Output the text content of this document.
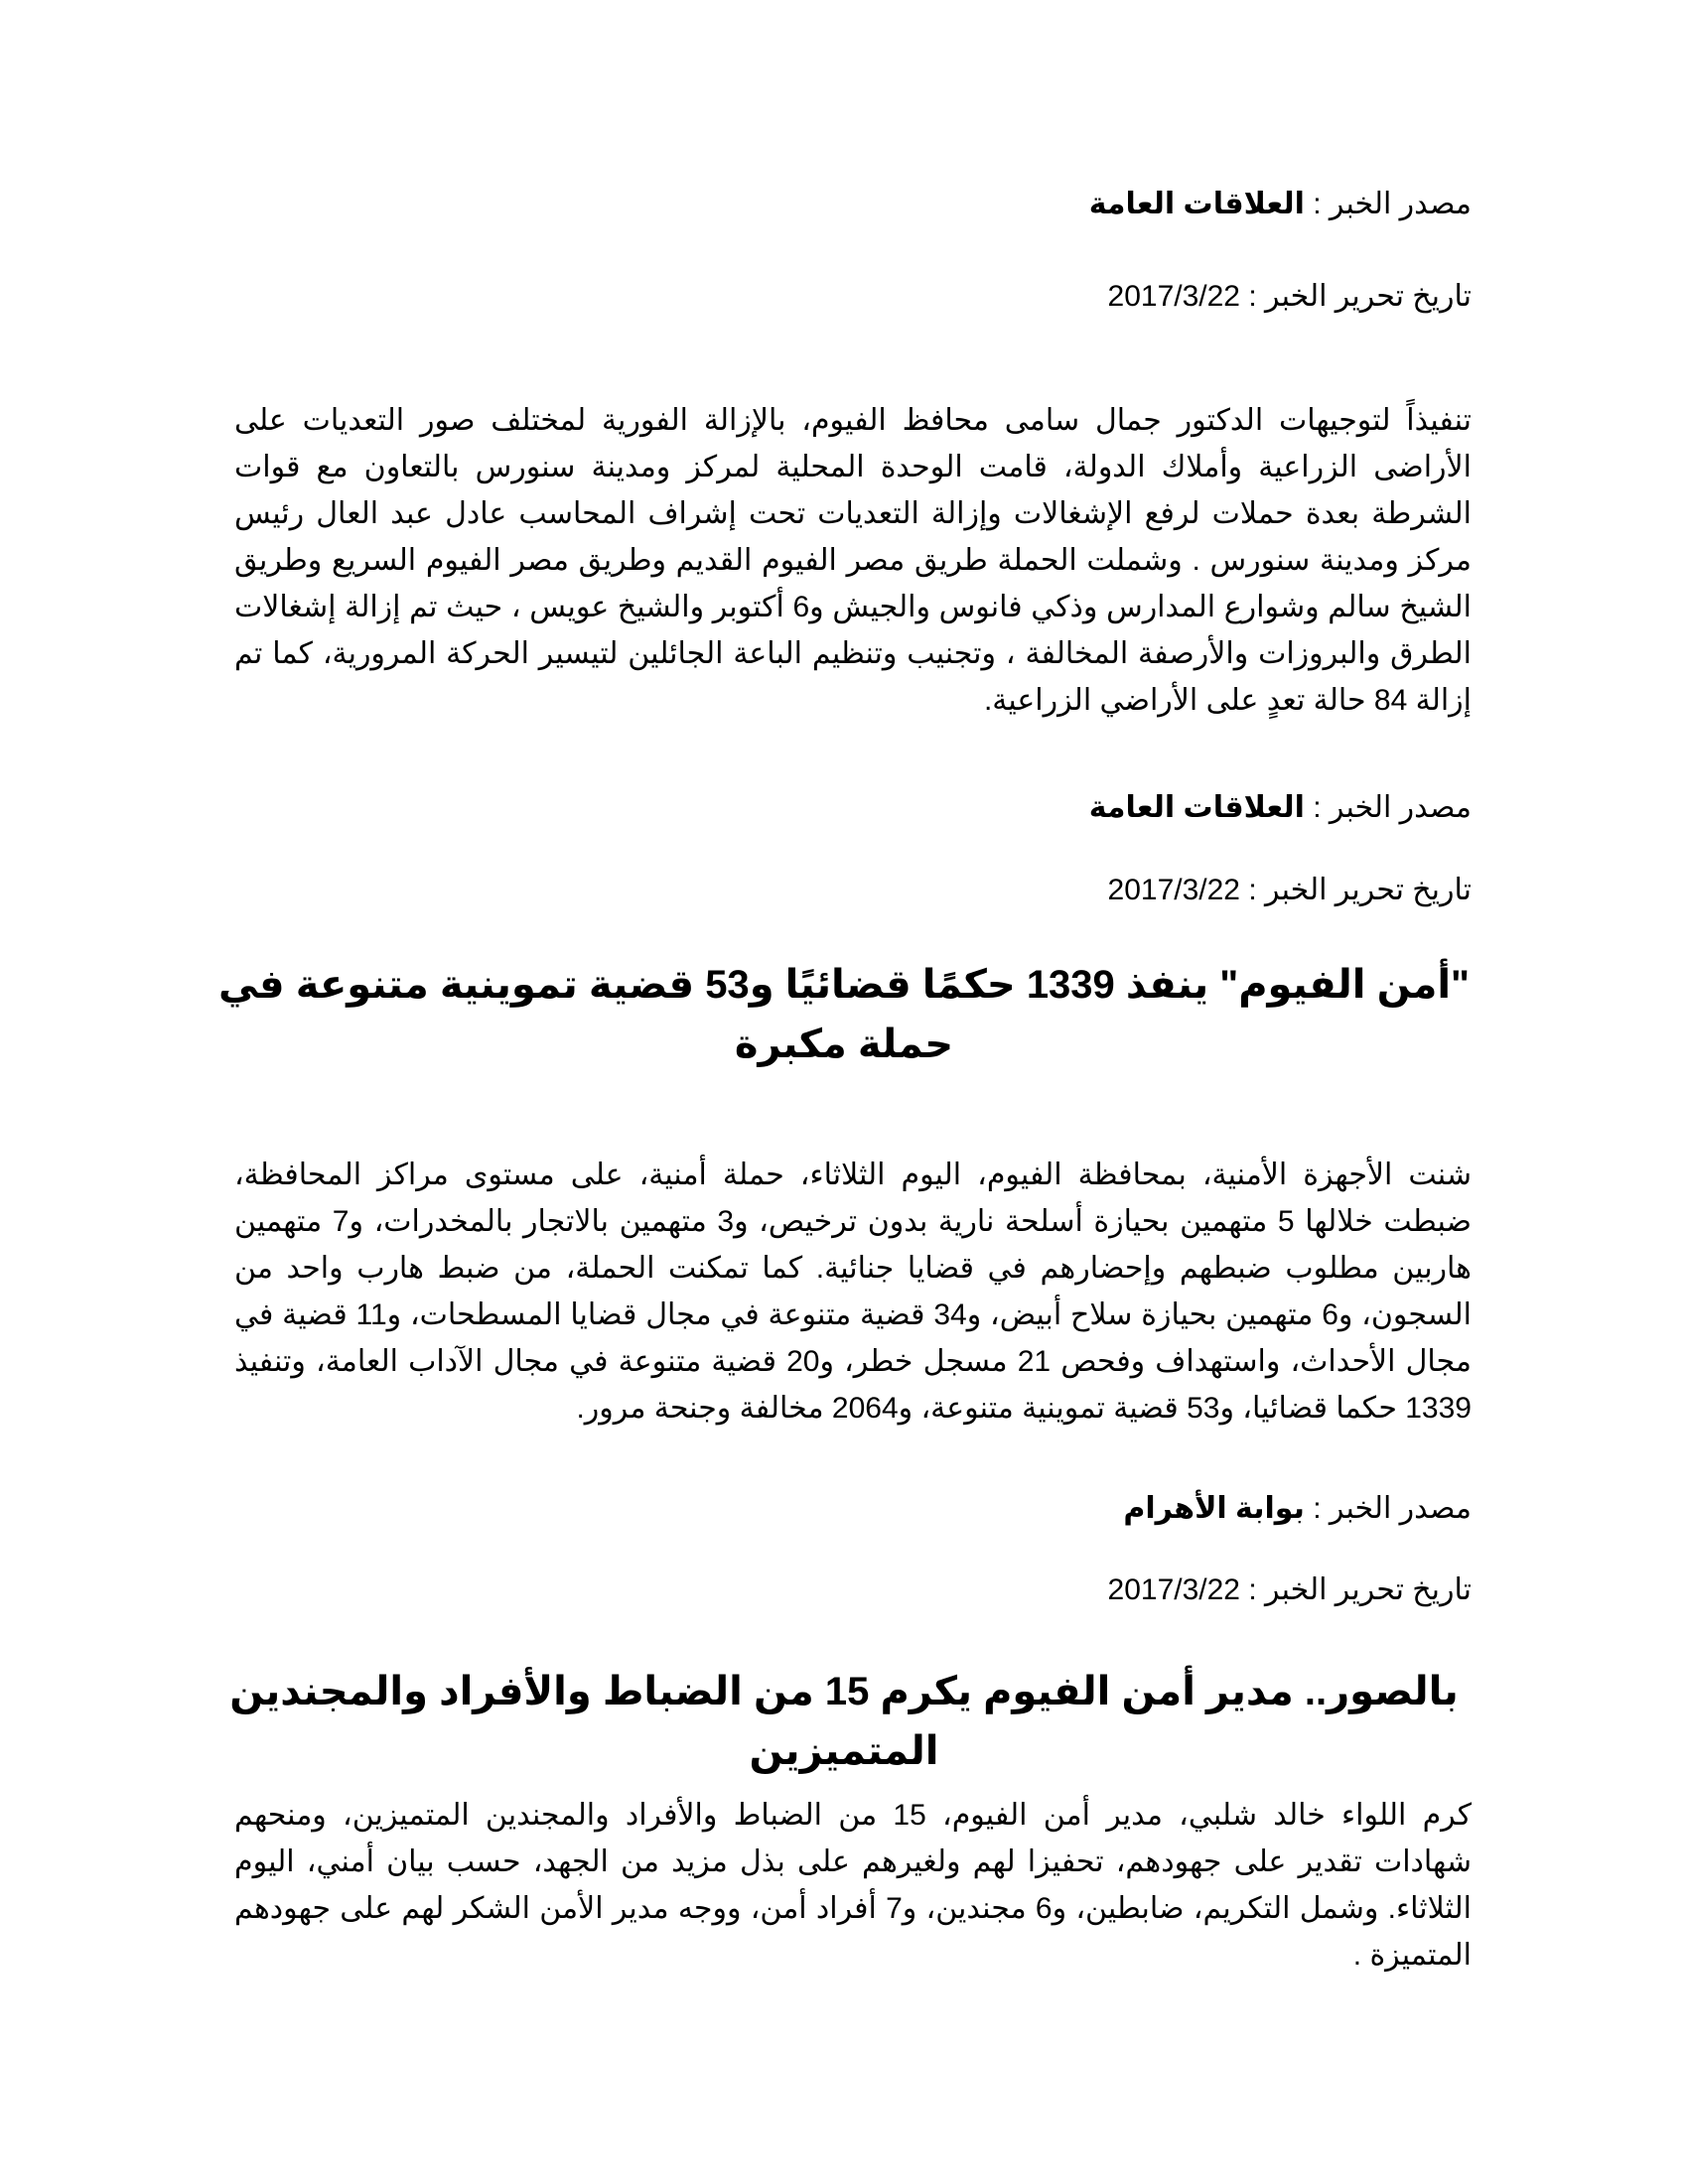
مصدر الخبر : العلاقات العامة
تاريخ تحرير الخبر : 2017/3/22
تنفيذاً لتوجيهات الدكتور جمال سامى محافظ الفيوم، بالإزالة الفورية لمختلف صور التعديات على الأراضى الزراعية وأملاك الدولة، قامت الوحدة المحلية لمركز ومدينة سنورس بالتعاون مع قوات الشرطة بعدة حملات لرفع الإشغالات وإزالة التعديات تحت إشراف المحاسب عادل عبد العال رئيس مركز ومدينة سنورس . وشملت الحملة طريق مصر الفيوم القديم وطريق مصر الفيوم السريع وطريق الشيخ سالم وشوارع المدارس وذكي فانوس والجيش و6 أكتوبر والشيخ عويس ، حيث تم إزالة إشغالات الطرق والبروزات والأرصفة المخالفة ، وتجنيب وتنظيم الباعة الجائلين لتيسير الحركة المرورية، كما تم إزالة 84 حالة تعدٍ على الأراضي الزراعية.
مصدر الخبر : العلاقات العامة
تاريخ تحرير الخبر : 2017/3/22
"أمن الفيوم" ينفذ 1339 حكمًا قضائيًا و53 قضية تموينية متنوعة في حملة مكبرة
شنت الأجهزة الأمنية، بمحافظة الفيوم، اليوم الثلاثاء، حملة أمنية، على مستوى مراكز المحافظة، ضبطت خلالها 5 متهمين بحيازة أسلحة نارية بدون ترخيص، و3 متهمين بالاتجار بالمخدرات، و7 متهمين هاربين مطلوب ضبطهم وإحضارهم في قضايا جنائية. كما تمكنت الحملة، من ضبط هارب واحد من السجون، و6 متهمين بحيازة سلاح أبيض، و34 قضية متنوعة في مجال قضايا المسطحات، و11 قضية في مجال الأحداث، واستهداف وفحص 21 مسجل خطر، و20 قضية متنوعة في مجال الآداب العامة، وتنفيذ 1339 حكما قضائيا، و53 قضية تموينية متنوعة، و2064 مخالفة وجنحة مرور.
مصدر الخبر : بوابة الأهرام
تاريخ تحرير الخبر : 2017/3/22
بالصور.. مدير أمن الفيوم يكرم 15 من الضباط والأفراد والمجندين المتميزين
كرم اللواء خالد شلبي، مدير أمن الفيوم، 15 من الضباط والأفراد والمجندين المتميزين، ومنحهم شهادات تقدير على جهودهم، تحفيزا لهم ولغيرهم على بذل مزيد من الجهد، حسب بيان أمني، اليوم الثلاثاء. وشمل التكريم، ضابطين، و6 مجندين، و7 أفراد أمن، ووجه مدير الأمن الشكر لهم على جهودهم المتميزة .
